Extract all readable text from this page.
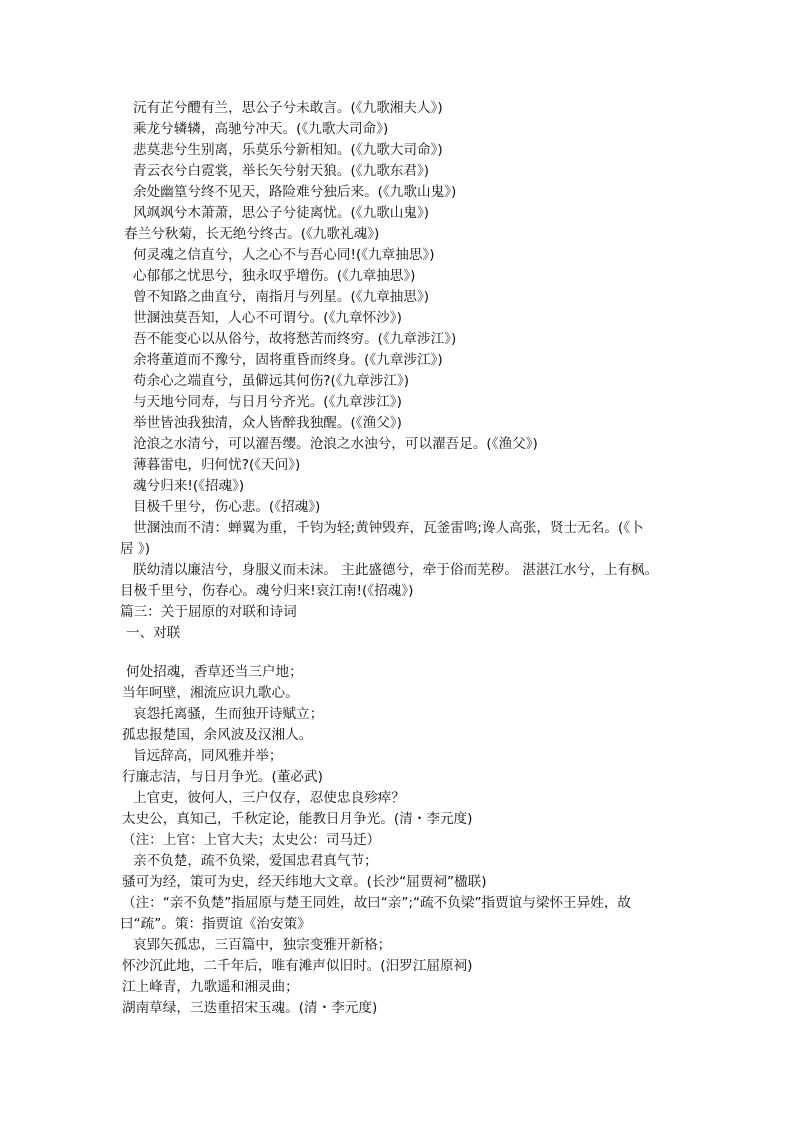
沅有芷兮醴有兰，思公子兮未敢言。(《九歌湘夫人》)
乘龙兮辚辚，高驰兮冲天。(《九歌大司命》)
悲莫悲兮生别离，乐莫乐兮新相知。(《九歌大司命》)
青云衣兮白霓裳，举长矢兮射天狼。(《九歌东君》)
余处幽篁兮终不见天，路险难兮独后来。(《九歌山鬼》)
风飒飒兮木萧萧，思公子兮徒离忧。(《九歌山鬼》)
春兰兮秋菊，长无绝兮终古。(《九歌礼魂》)
何灵魂之信直兮，人之心不与吾心同!(《九章抽思》)
心郁郁之忧思兮，独永叹乎增伤。(《九章抽思》)
曾不知路之曲直兮，南指月与列星。(《九章抽思》)
世溷浊莫吾知，人心不可谓兮。(《九章怀沙》)
吾不能变心以从俗兮，故将愁苦而终穷。(《九章涉江》)
余将董道而不豫兮，固将重昏而终身。(《九章涉江》)
苟余心之端直兮，虽僻远其何伤?(《九章涉江》)
与天地兮同寿，与日月兮齐光。(《九章涉江》)
举世皆浊我独清，众人皆醉我独醒。(《渔父》)
沧浪之水清兮，可以濯吾缨。沧浪之水浊兮，可以濯吾足。(《渔父》)
薄暮雷电，归何忧?(《天问》)
魂兮归来!(《招魂》)
目极千里兮，伤心悲。(《招魂》)
世溷浊而不清：蝉翼为重，千钧为轻;黄钟毁弃，瓦釜雷鸣;谗人高张，贤士无名。(《卜
居 》)
朕幼清以廉洁兮，身服义而未沫。 主此盛德兮，牵于俗而芜秽。 湛湛江水兮，上有枫。
目极千里兮，伤春心。魂兮归来!哀江南!(《招魂》)
篇三：关于屈原的对联和诗词
一、对联
何处招魂，香草还当三户地；
当年呵壁，湘流应识九歌心。
哀怨托离骚，生而独开诗赋立；
孤忠报楚国，余风波及汉湘人。
旨远辞高，同风雅并举；
行廉志洁，与日月争光。(董必武)
上官吏，彼何人，三户仅存，忍使忠良殄瘁？
太史公，真知己，千秋定论，能教日月争光。(清・李元度)
（注：上官：上官大夫；太史公：司马迁）
亲不负楚，疏不负梁，爱国忠君真气节；
骚可为经，策可为史，经天纬地大文章。(长沙“屈贾祠”楹联)
（注：“亲不负楚”指屈原与楚王同姓，故曰“亲”;“疏不负梁”指贾谊与梁怀王异姓，故
曰“疏”。策：指贾谊《治安策》
哀郢矢孤忠，三百篇中，独宗变雅开新格；
怀沙沉此地，二千年后，唯有滩声似旧时。(汨罗江屈原祠)
江上峰青，九歌遥和湘灵曲；
湖南草绿，三迭重招宋玉魂。(清・李元度)
